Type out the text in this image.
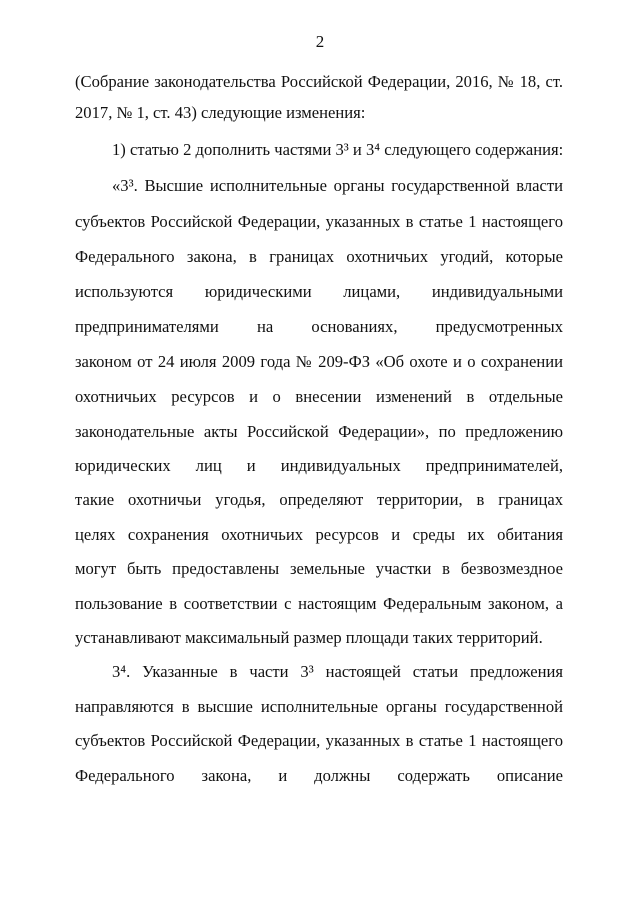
2
(Собрание законодательства Российской Федерации, 2016, № 18, ст.
2017, № 1, ст. 43) следующие изменения:
1) статью 2 дополнить частями 3³ и 3⁴ следующего содержания:
«3³. Высшие исполнительные органы государственной власти
субъектов Российской Федерации, указанных в статье 1 настоящего
Федерального закона, в границах охотничьих угодий, которые
используются юридическими лицами, индивидуальными
предпринимателями на основаниях, предусмотренных
законом от 24 июля 2009 года № 209-ФЗ «Об охоте и о сохранении
охотничьих ресурсов и о внесении изменений в отдельные
законодательные акты Российской Федерации», по предложению
юридических лиц и индивидуальных предпринимателей,
такие охотничьи угодья, определяют территории, в границах
целях сохранения охотничьих ресурсов и среды их обитания
могут быть предоставлены земельные участки в безвозмездное
пользование в соответствии с настоящим Федеральным законом, а
устанавливают максимальный размер площади таких территорий.
3⁴. Указанные в части 3³ настоящей статьи предложения
направляются в высшие исполнительные органы государственной
субъектов Российской Федерации, указанных в статье 1 настоящего
Федерального закона, и должны содержать описание
